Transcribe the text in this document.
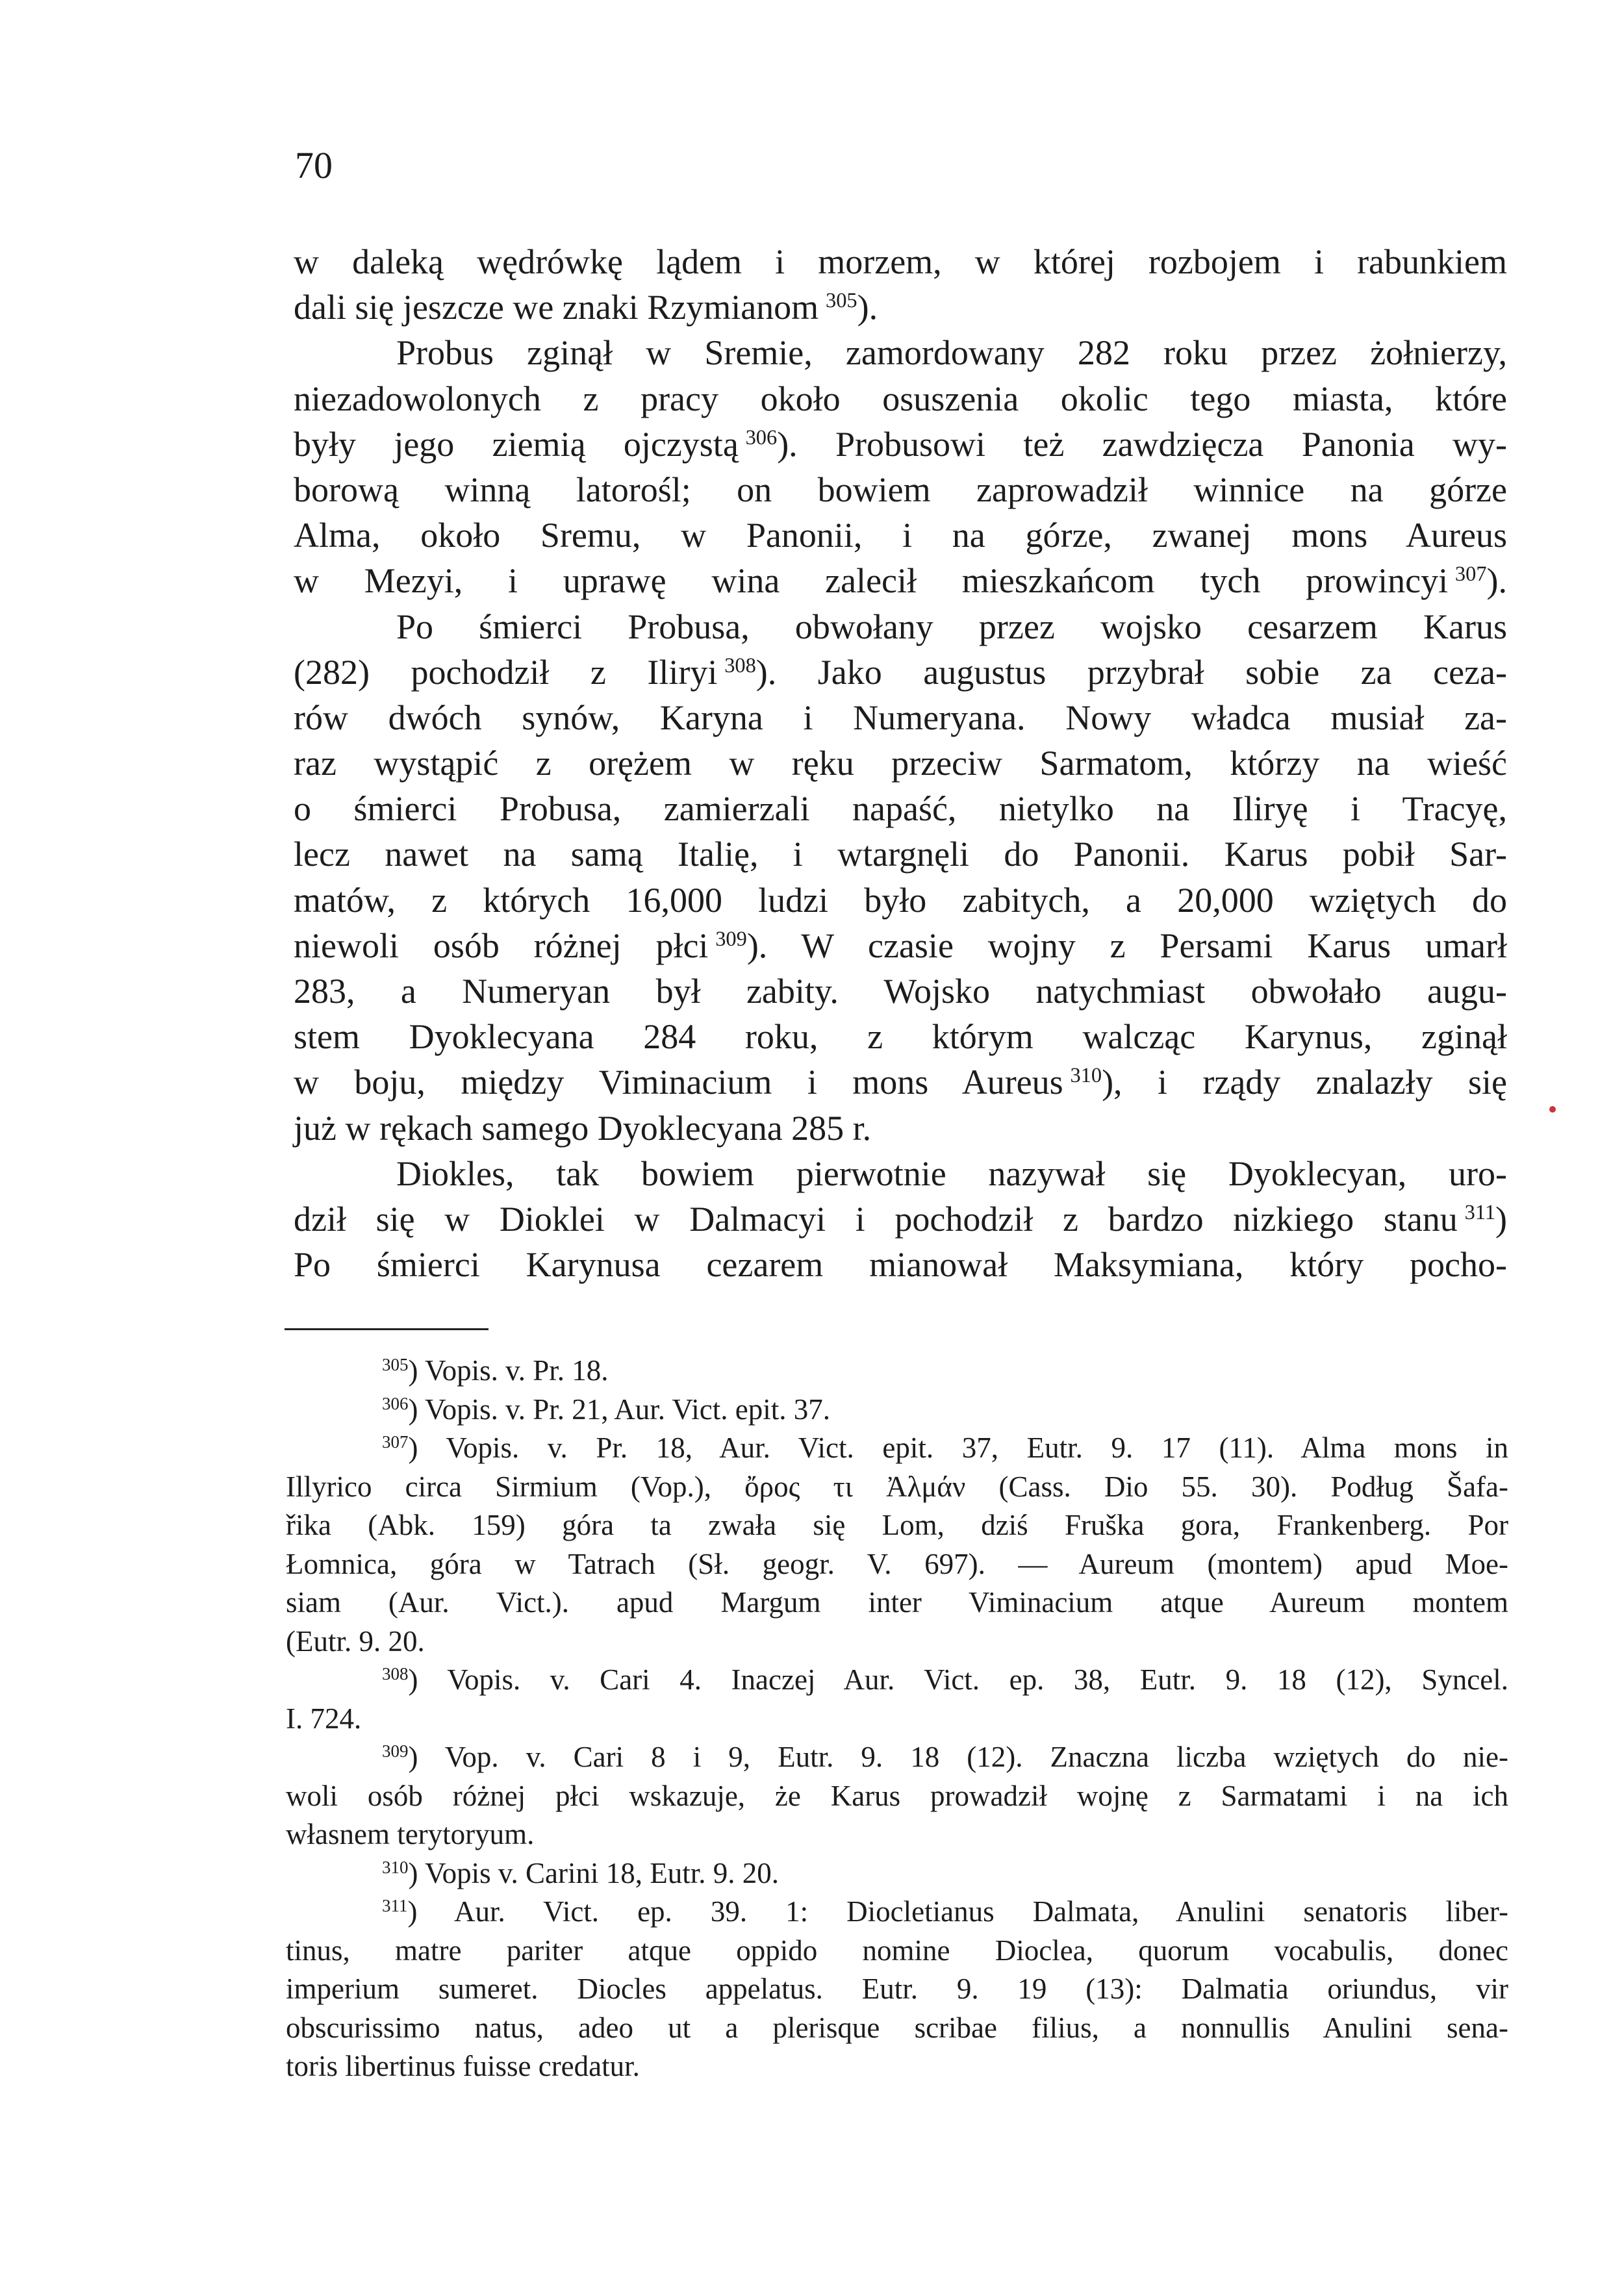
70
w daleką wędrówkę lądem i morzem, w której rozbojem i rabunkiem
dali się jeszcze we znaki Rzymianom  $^{305}$).
Probus zginął w Sremie, zamordowany 282 roku przez żołnierzy,
niezadowolonych z pracy około osuszenia okolic tego miasta, które
były jego ziemią ojczystą  $^{306}$). Probusowi też zawdzięcza Panonia wy-
borową winną latorośl; on bowiem zaprowadził winnice na górze
Alma, około Sremu, w Panonii, i na górze, zwanej mons Aureus
w Mezyi, i uprawę wina zalecił mieszkańcom tych prowincyi  $^{307}$).
Po śmierci Probusa, obwołany przez wojsko cesarzem Karus
(282) pochodził z Iliryi  $^{308}$). Jako augustus przybrał sobie za ceza-
rów dwóch synów, Karyna i Numeryana. Nowy władca musiał za-
raz wystąpić z orężem w ręku przeciw Sarmatom, którzy na wieść
o śmierci Probusa, zamierzali napaść, nietylko na Iliryę i Tracyę,
lecz nawet na samą Italię, i wtargnęli do Panonii. Karus pobił Sar-
matów, z których 16,000 ludzi było zabitych, a 20,000 wziętych do
niewoli osób różnej płci  $^{309}$). W czasie wojny z Persami Karus umarł
283, a Numeryan był zabity. Wojsko natychmiast obwołało augu-
stem Dyoklecyana 284 roku, z którym walcząc Karynus, zginął
w boju, między Viminacium i mons Aureus  $^{310}$), i rządy znalazły się
już w rękach samego Dyoklecyana 285 r.
Diokles, tak bowiem pierwotnie nazywał się Dyoklecyan, uro-
dził się w Dioklei w Dalmacyi i pochodził z bardzo nizkiego stanu  $^{311}$)
Po śmierci Karynusa cezarem mianował Maksymiana, który pocho-
$^{305}$) Vopis. v. Pr. 18.
$^{306}$) Vopis. v. Pr. 21, Aur. Vict. epit. 37.
$^{307}$) Vopis. v. Pr. 18, Aur. Vict. epit. 37, Eutr. 9. 17 (11). Alma mons in
Illyrico circa Sirmium (Vop.), ὄρος τι Ἀλμάν (Cass. Dio 55. 30). Podług Šafa-
řika (Abk. 159) góra ta zwała się Lom, dziś Fruška gora, Frankenberg. Por
Łomnica, góra w Tatrach (Sł. geogr. V. 697). — Aureum (montem) apud Moe-
siam (Aur. Vict.). apud Margum inter Viminacium atque Aureum montem
(Eutr. 9. 20.
$^{308}$) Vopis. v. Cari 4. Inaczej Aur. Vict. ep. 38, Eutr. 9. 18 (12), Syncel.
I. 724.
$^{309}$) Vop. v. Cari 8 i 9, Eutr. 9. 18 (12). Znaczna liczba wziętych do nie-
woli osób różnej płci wskazuje, że Karus prowadził wojnę z Sarmatami i na ich
własnem terytoryum.
$^{310}$) Vopis v. Carini 18, Eutr. 9. 20.
$^{311}$) Aur. Vict. ep. 39. 1: Diocletianus Dalmata, Anulini senatoris liber-
tinus, matre pariter atque oppido nomine Dioclea, quorum vocabulis, donec
imperium sumeret. Diocles appelatus. Eutr. 9. 19 (13): Dalmatia oriundus, vir
obscurissimo natus, adeo ut a plerisque scribae filius, a nonnullis Anulini sena-
toris libertinus fuisse credatur.
